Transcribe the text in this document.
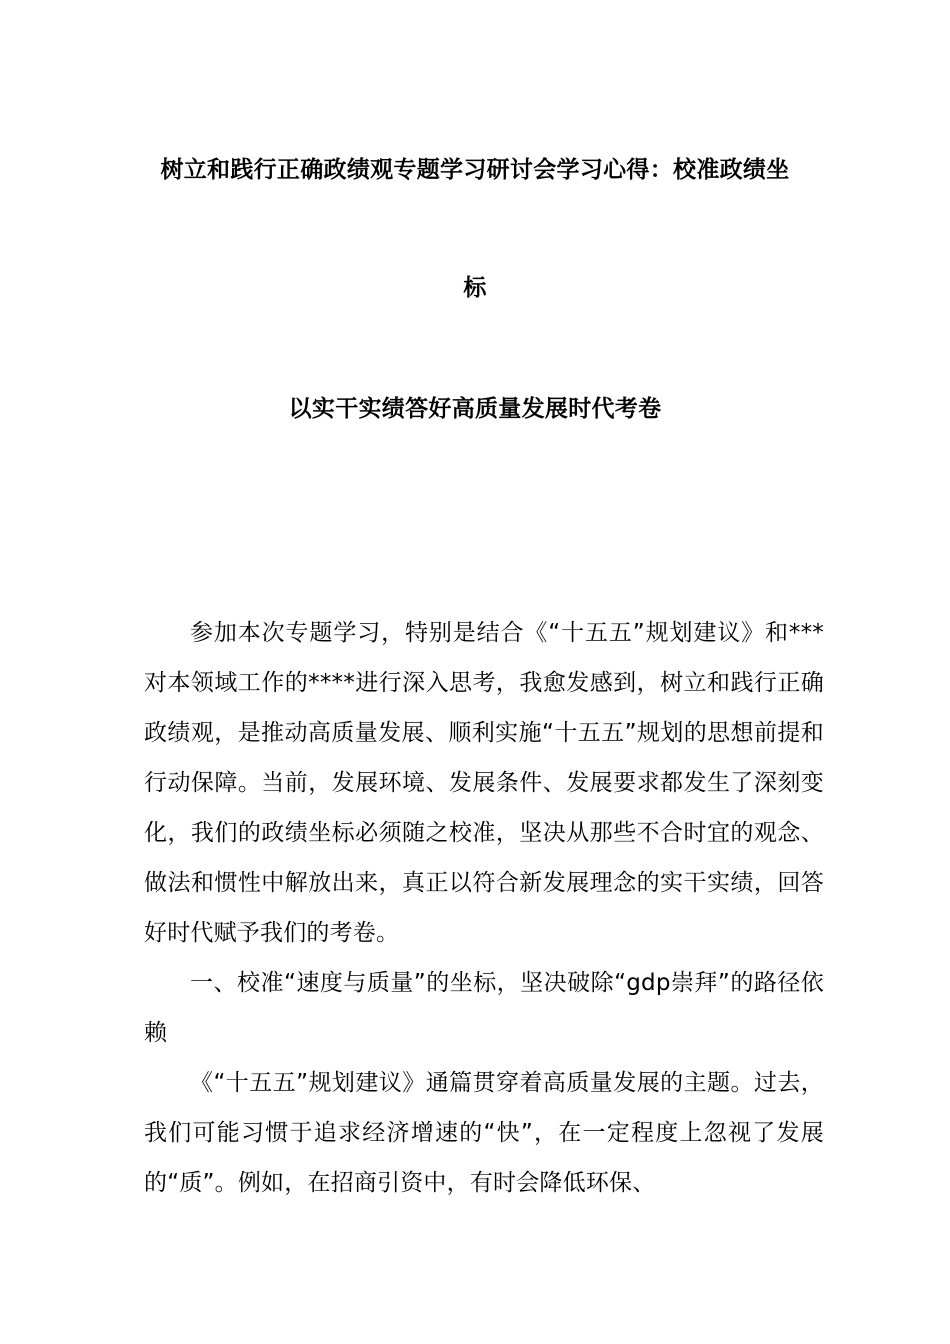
树立和践行正确政绩观专题学习研讨会学习心得：校准政绩坐
标
以实干实绩答好高质量发展时代考卷

参加本次专题学习，特别是结合《“十五五”规划建议》和***对本领域工作的****进行深入思考，我愈发感到，树立和践行正确政绩观，是推动高质量发展、顺利实施“十五五”规划的思想前提和行动保障。当前，发展环境、发展条件、发展要求都发生了深刻变化，我们的政绩坐标必须随之校准，坚决从那些不合时宜的观念、做法和惯性中解放出来，真正以符合新发展理念的实干实绩，回答好时代赋予我们的考卷。

一、校准“速度与质量”的坐标，坚决破除“gdp崇拜”的路径依赖

《“十五五”规划建议》通篇贯穿着高质量发展的主题。过去，我们可能习惯于追求经济增速的“快”，在一定程度上忽视了发展的“质”。例如，在招商引资中，有时会降低环保、
